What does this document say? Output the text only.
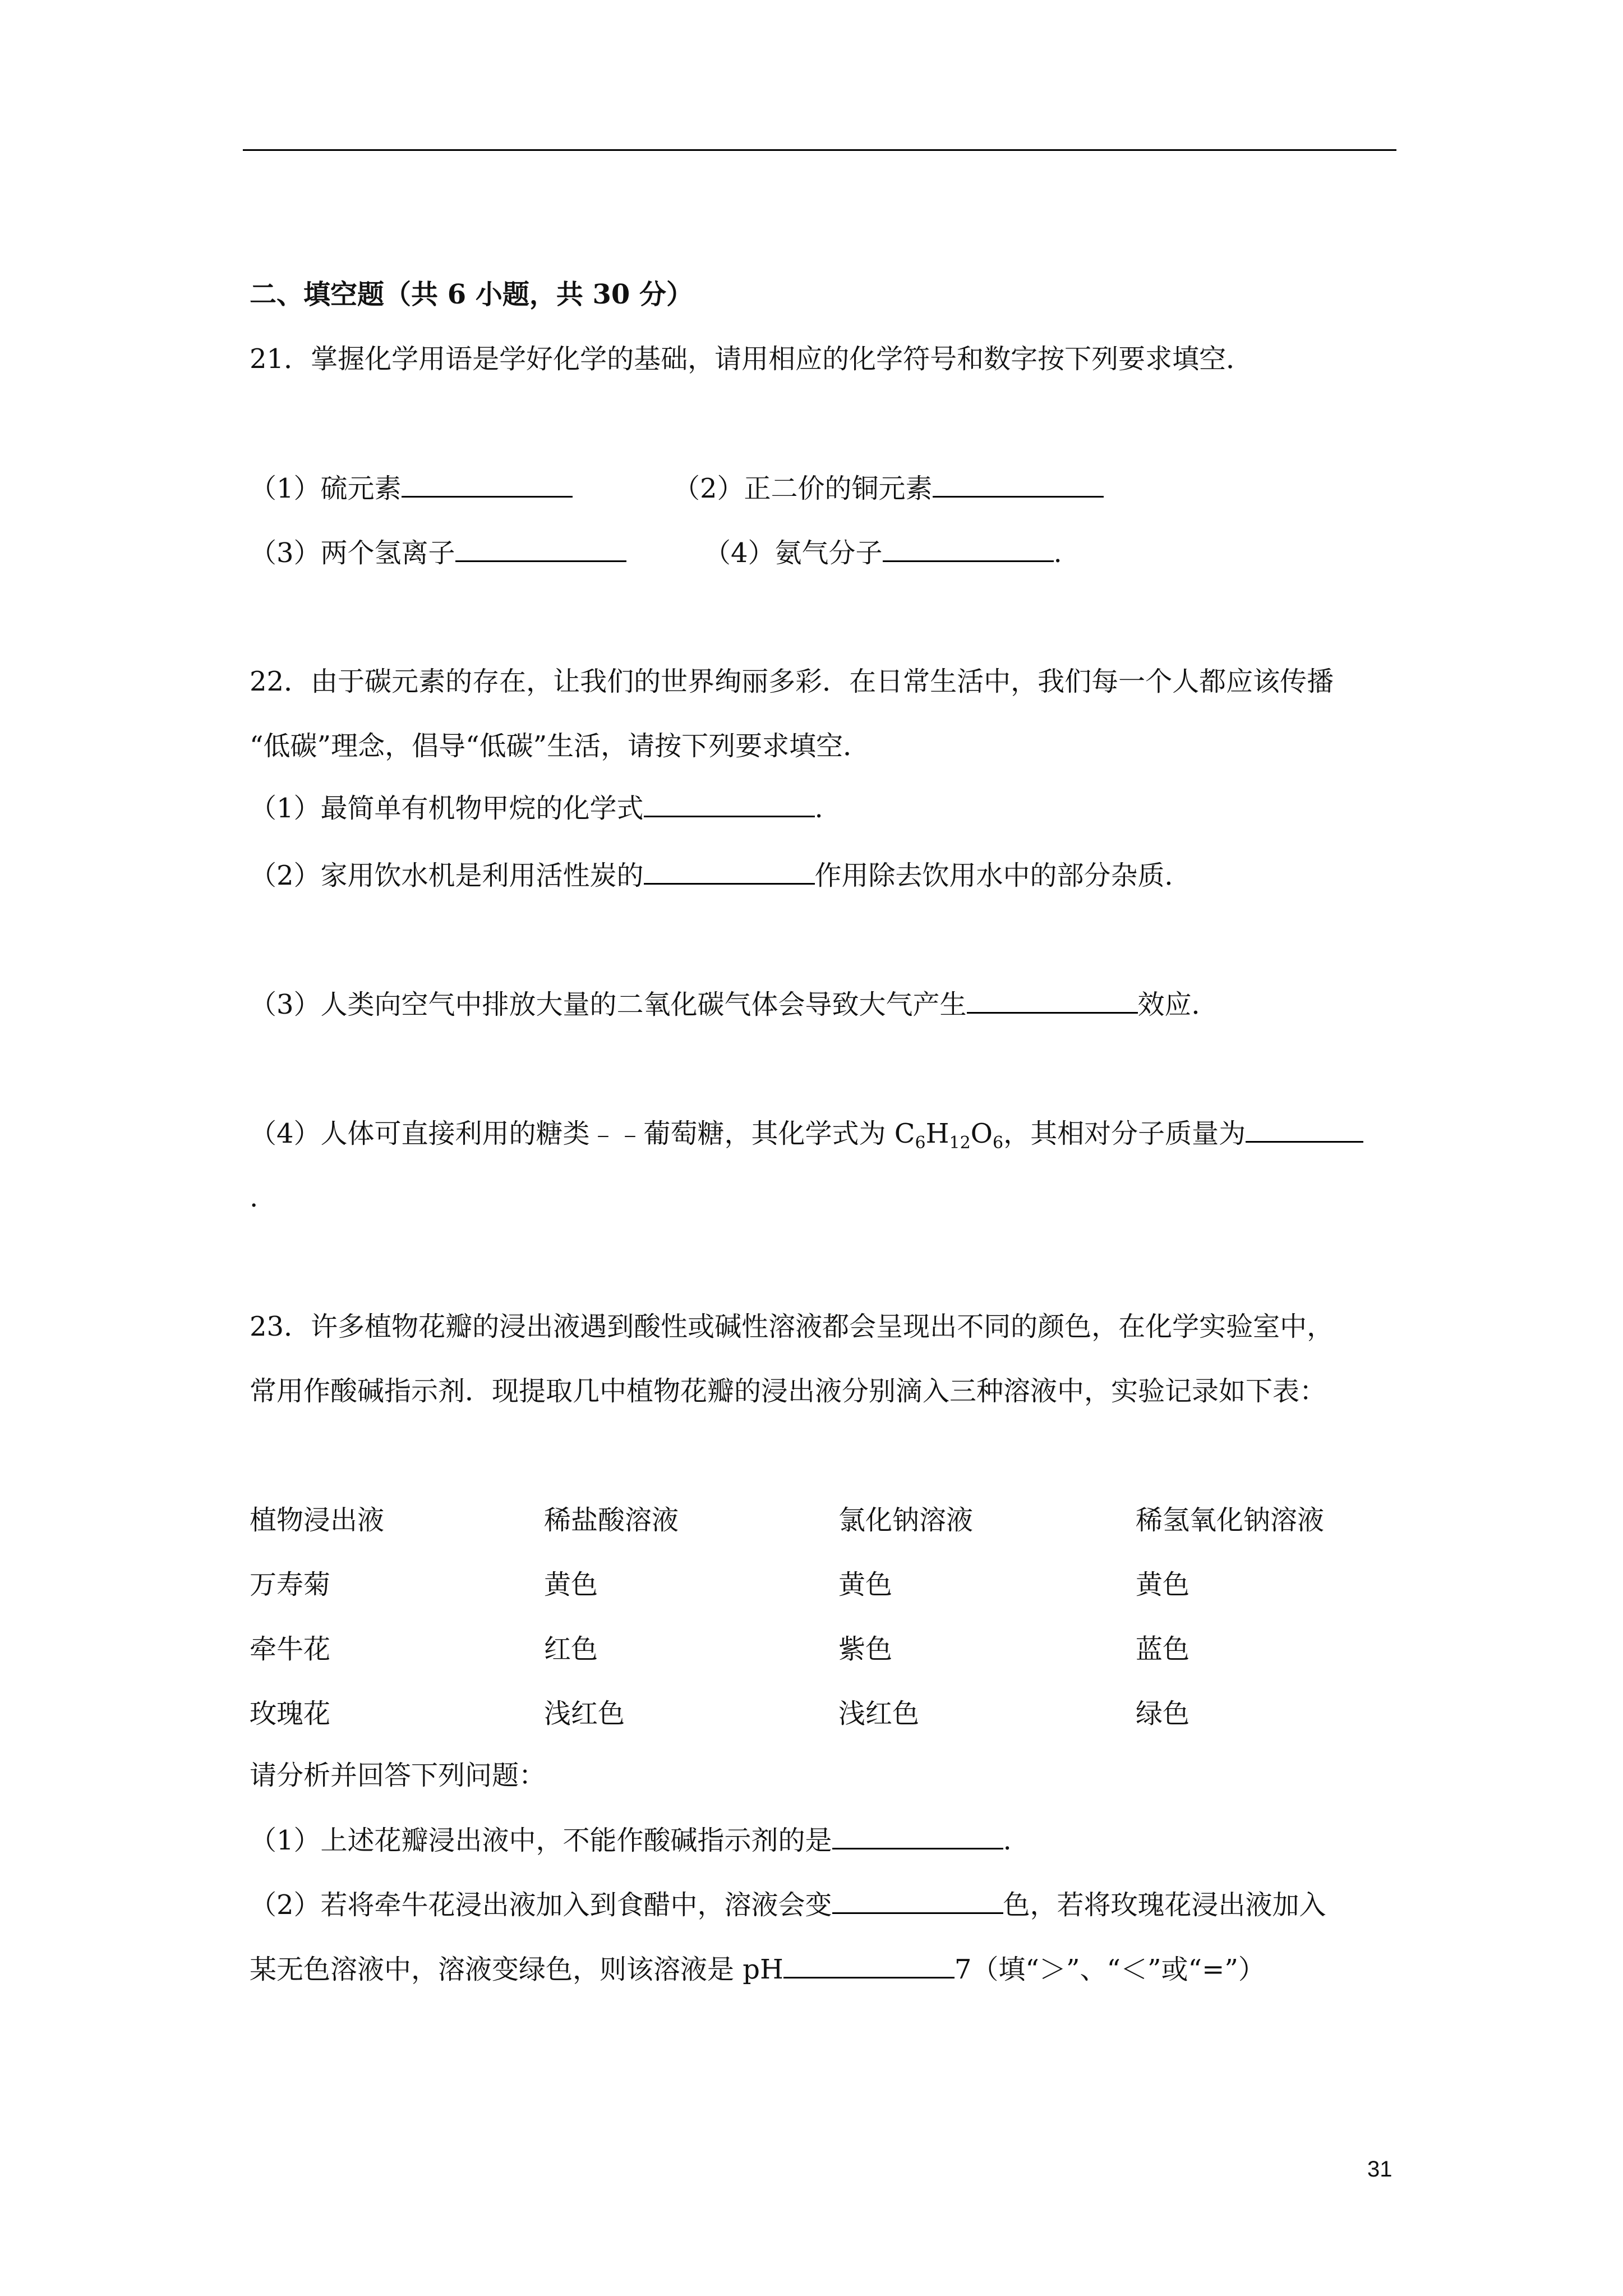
二、填空题（共 6 小题，共 30 分）
21．掌握化学用语是学好化学的基础，请用相应的化学符号和数字按下列要求填空．
（1）硫元素	（2）正二价的铜元素
（3）两个氢离子	（4）氨气分子	.
22．由于碳元素的存在，让我们的世界绚丽多彩．在日常生活中，我们每一个人都应该传播
“低碳”理念，倡导“低碳”生活，请按下列要求填空．
（1）最简单有机物甲烷的化学式	.
（2）家用饮水机是利用活性炭的	作用除去饮用水中的部分杂质．
（3）人类向空气中排放大量的二氧化碳气体会导致大气产生	效应．
（4）人体可直接利用的糖类﹣﹣葡萄糖，其化学式为 $C_6H_{12}O_6$，其相对分子质量为
.
23．许多植物花瓣的浸出液遇到酸性或碱性溶液都会呈现出不同的颜色，在化学实验室中，
常用作酸碱指示剂．现提取几中植物花瓣的浸出液分别滴入三种溶液中，实验记录如下表：
植物浸出液	稀盐酸溶液	氯化钠溶液	稀氢氧化钠溶液
万寿菊	黄色	黄色	黄色
牵牛花	红色	紫色	蓝色
玫瑰花	浅红色	浅红色	绿色
请分析并回答下列问题：
（1）上述花瓣浸出液中，不能作酸碱指示剂的是	.
（2）若将牵牛花浸出液加入到食醋中，溶液会变	色，若将玫瑰花浸出液加入
某无色溶液中，溶液变绿色，则该溶液是 pH	7（填“＞”、“＜”或“=”）
31
